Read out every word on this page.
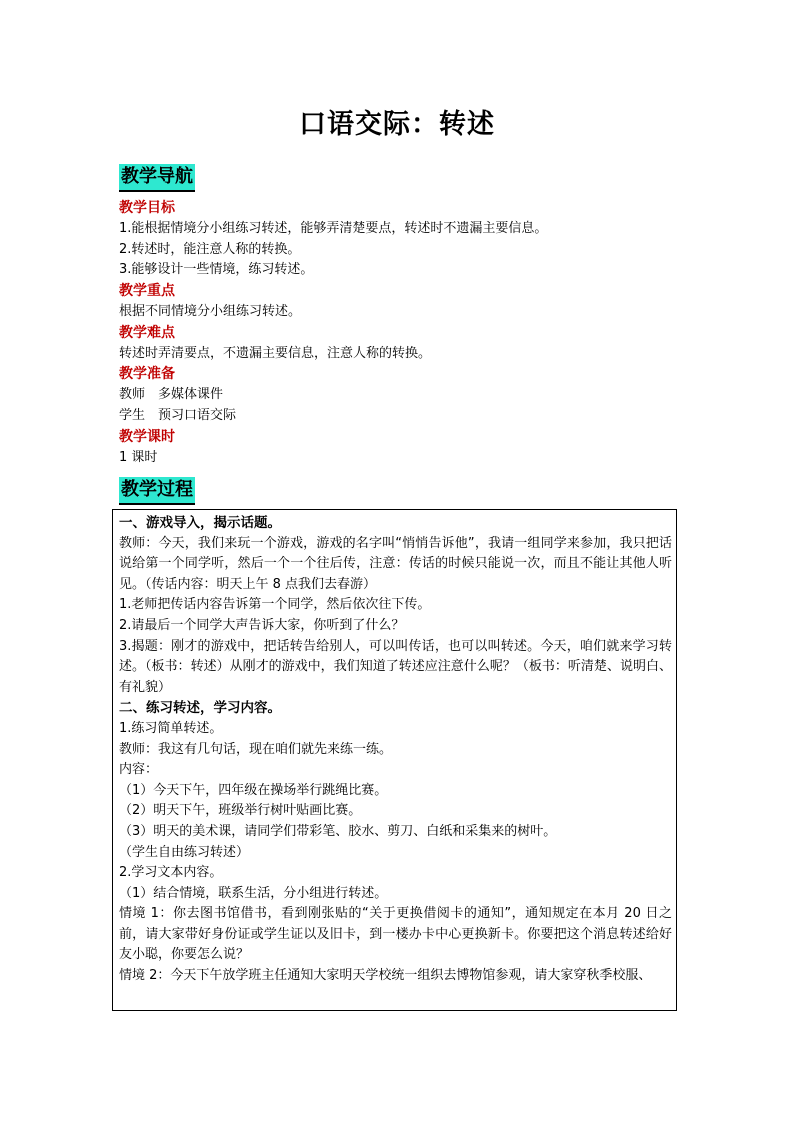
口语交际：转述
教学导航
教学目标
1.能根据情境分小组练习转述，能够弄清楚要点，转述时不遗漏主要信息。
2.转述时，能注意人称的转换。
3.能够设计一些情境，练习转述。
教学重点
根据不同情境分小组练习转述。
教学难点
转述时弄清要点，不遗漏主要信息，注意人称的转换。
教学准备
教师　多媒体课件
学生　预习口语交际
教学课时
1 课时
教学过程
一、游戏导入，揭示话题。
教师：今天，我们来玩一个游戏，游戏的名字叫“悄悄告诉他”，我请一组同学来参加，我只把话说给第一个同学听，然后一个一个往后传，注意：传话的时候只能说一次，而且不能让其他人听见。（传话内容：明天上午 8 点我们去春游）
1.老师把传话内容告诉第一个同学，然后依次往下传。
2.请最后一个同学大声告诉大家，你听到了什么？
3.揭题：刚才的游戏中，把话转告给别人，可以叫传话，也可以叫转述。今天，咱们就来学习转述。（板书：转述）从刚才的游戏中，我们知道了转述应注意什么呢？（板书：听清楚、说明白、有礼貌）
二、练习转述，学习内容。
1.练习简单转述。
教师：我这有几句话，现在咱们就先来练一练。
内容：
（1）今天下午，四年级在操场举行跳绳比赛。
（2）明天下午，班级举行树叶贴画比赛。
（3）明天的美术课，请同学们带彩笔、胶水、剪刀、白纸和采集来的树叶。
（学生自由练习转述）
2.学习文本内容。
（1）结合情境，联系生活，分小组进行转述。
情境 1：你去图书馆借书，看到刚张贴的“关于更换借阅卡的通知”，通知规定在本月 20 日之前，请大家带好身份证或学生证以及旧卡，到一楼办卡中心更换新卡。你要把这个消息转述给好友小聪，你要怎么说？
情境 2：今天下午放学班主任通知大家明天学校统一组织去博物馆参观，请大家穿秋季校服、
